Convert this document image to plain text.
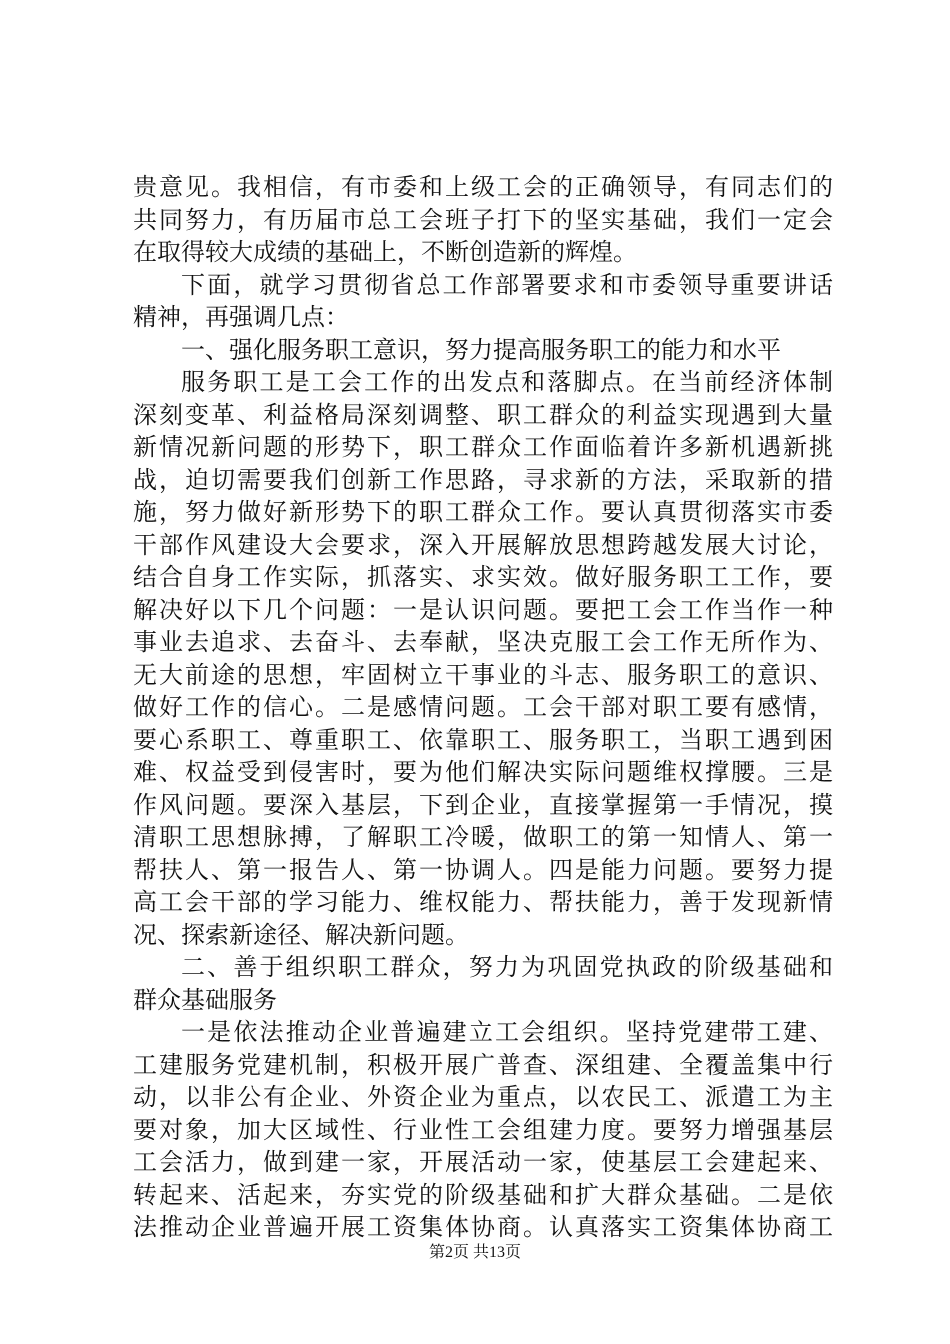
贵意见。我相信，有市委和上级工会的正确领导，有同志们的
共同努力，有历届市总工会班子打下的坚实基础，我们一定会
在取得较大成绩的基础上，不断创造新的辉煌。
下面，就学习贯彻省总工作部署要求和市委领导重要讲话
精神，再强调几点：
一、强化服务职工意识，努力提高服务职工的能力和水平
服务职工是工会工作的出发点和落脚点。在当前经济体制
深刻变革、利益格局深刻调整、职工群众的利益实现遇到大量
新情况新问题的形势下，职工群众工作面临着许多新机遇新挑
战，迫切需要我们创新工作思路，寻求新的方法，采取新的措
施，努力做好新形势下的职工群众工作。要认真贯彻落实市委
干部作风建设大会要求，深入开展解放思想跨越发展大讨论，
结合自身工作实际，抓落实、求实效。做好服务职工工作，要
解决好以下几个问题：一是认识问题。要把工会工作当作一种
事业去追求、去奋斗、去奉献，坚决克服工会工作无所作为、
无大前途的思想，牢固树立干事业的斗志、服务职工的意识、
做好工作的信心。二是感情问题。工会干部对职工要有感情，
要心系职工、尊重职工、依靠职工、服务职工，当职工遇到困
难、权益受到侵害时，要为他们解决实际问题维权撑腰。三是
作风问题。要深入基层，下到企业，直接掌握第一手情况，摸
清职工思想脉搏，了解职工冷暖，做职工的第一知情人、第一
帮扶人、第一报告人、第一协调人。四是能力问题。要努力提
高工会干部的学习能力、维权能力、帮扶能力，善于发现新情
况、探索新途径、解决新问题。
二、善于组织职工群众，努力为巩固党执政的阶级基础和
群众基础服务
一是依法推动企业普遍建立工会组织。坚持党建带工建、
工建服务党建机制，积极开展广普查、深组建、全覆盖集中行
动，以非公有企业、外资企业为重点，以农民工、派遣工为主
要对象，加大区域性、行业性工会组建力度。要努力增强基层
工会活力，做到建一家，开展活动一家，使基层工会建起来、
转起来、活起来，夯实党的阶级基础和扩大群众基础。二是依
法推动企业普遍开展工资集体协商。认真落实工资集体协商工
第2页 共13页
